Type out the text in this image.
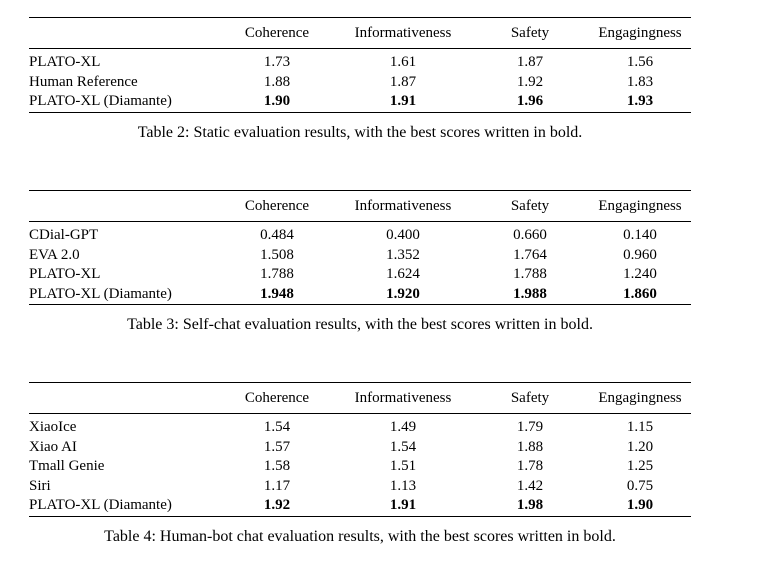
	Coherence	Informativeness	Safety	Engagingness
PLATO-XL	1.73	1.61	1.87	1.56
Human Reference	1.88	1.87	1.92	1.83
PLATO-XL (Diamante)	1.90	1.91	1.96	1.93
Table 2: Static evaluation results, with the best scores written in bold.
	Coherence	Informativeness	Safety	Engagingness
CDial-GPT	0.484	0.400	0.660	0.140
EVA 2.0	1.508	1.352	1.764	0.960
PLATO-XL	1.788	1.624	1.788	1.240
PLATO-XL (Diamante)	1.948	1.920	1.988	1.860
Table 3: Self-chat evaluation results, with the best scores written in bold.
	Coherence	Informativeness	Safety	Engagingness
XiaoIce	1.54	1.49	1.79	1.15
Xiao AI	1.57	1.54	1.88	1.20
Tmall Genie	1.58	1.51	1.78	1.25
Siri	1.17	1.13	1.42	0.75
PLATO-XL (Diamante)	1.92	1.91	1.98	1.90
Table 4: Human-bot chat evaluation results, with the best scores written in bold.
